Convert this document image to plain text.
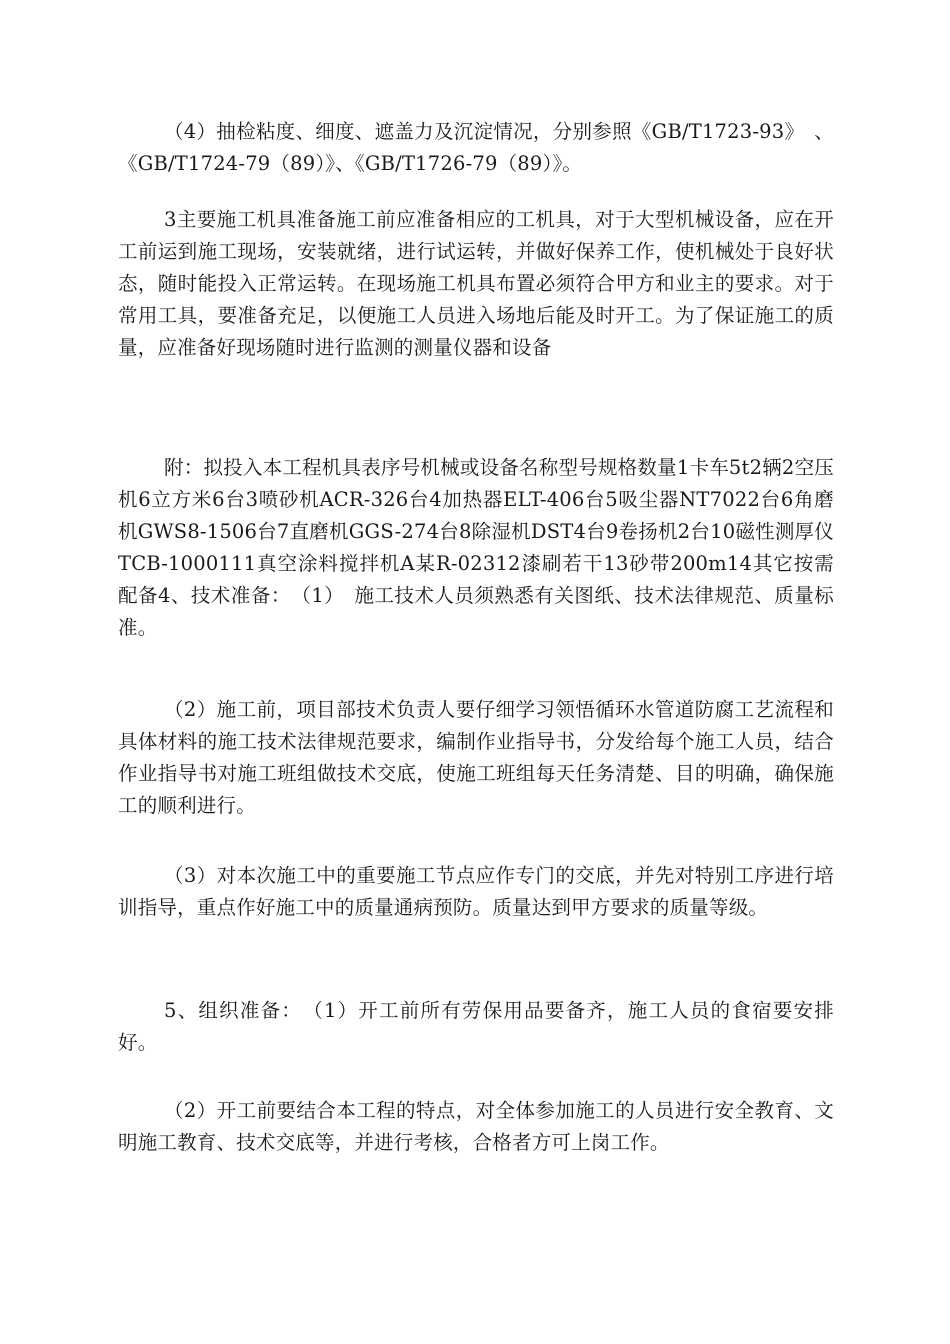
（4）抽检粘度、细度、遮盖力及沉淀情况，分别参照《GB/T1723-93》　、《GB/T1724-79（89）》、《GB/T1726-79（89）》。

3主要施工机具准备施工前应准备相应的工机具，对于大型机械设备，应在开工前运到施工现场，安装就绪，进行试运转，并做好保养工作，使机械处于良好状态，随时能投入正常运转。在现场施工机具布置必须符合甲方和业主的要求。对于常用工具，要准备充足，以便施工人员进入场地后能及时开工。为了保证施工的质量，应准备好现场随时进行监测的测量仪器和设备

附：拟投入本工程机具表序号机械或设备名称型号规格数量1卡车5t2辆2空压机6立方米6台3喷砂机ACR-326台4加热器ELT-406台5吸尘器NT7022台6角磨机GWS8-1506台7直磨机GGS-274台8除湿机DST4台9卷扬机2台10磁性测厚仪TCB-1000111真空涂料搅拌机A某R-02312漆刷若干13砂带200m14其它按需配备4、技术准备：　（1）　施工技术人员须熟悉有关图纸、技术法律规范、质量标准。

（2）施工前，项目部技术负责人要仔细学习领悟循环水管道防腐工艺流程和具体材料的施工技术法律规范要求，编制作业指导书，分发给每个施工人员，结合作业指导书对施工班组做技术交底，使施工班组每天任务清楚、目的明确，确保施工的顺利进行。

（3）对本次施工中的重要施工节点应作专门的交底，并先对特别工序进行培训指导，重点作好施工中的质量通病预防。质量达到甲方要求的质量等级。

5、组织准备：　（1）开工前所有劳保用品要备齐，施工人员的食宿要安排好。

（2）开工前要结合本工程的特点，对全体参加施工的人员进行安全教育、文明施工教育、技术交底等，并进行考核，合格者方可上岗工作。
